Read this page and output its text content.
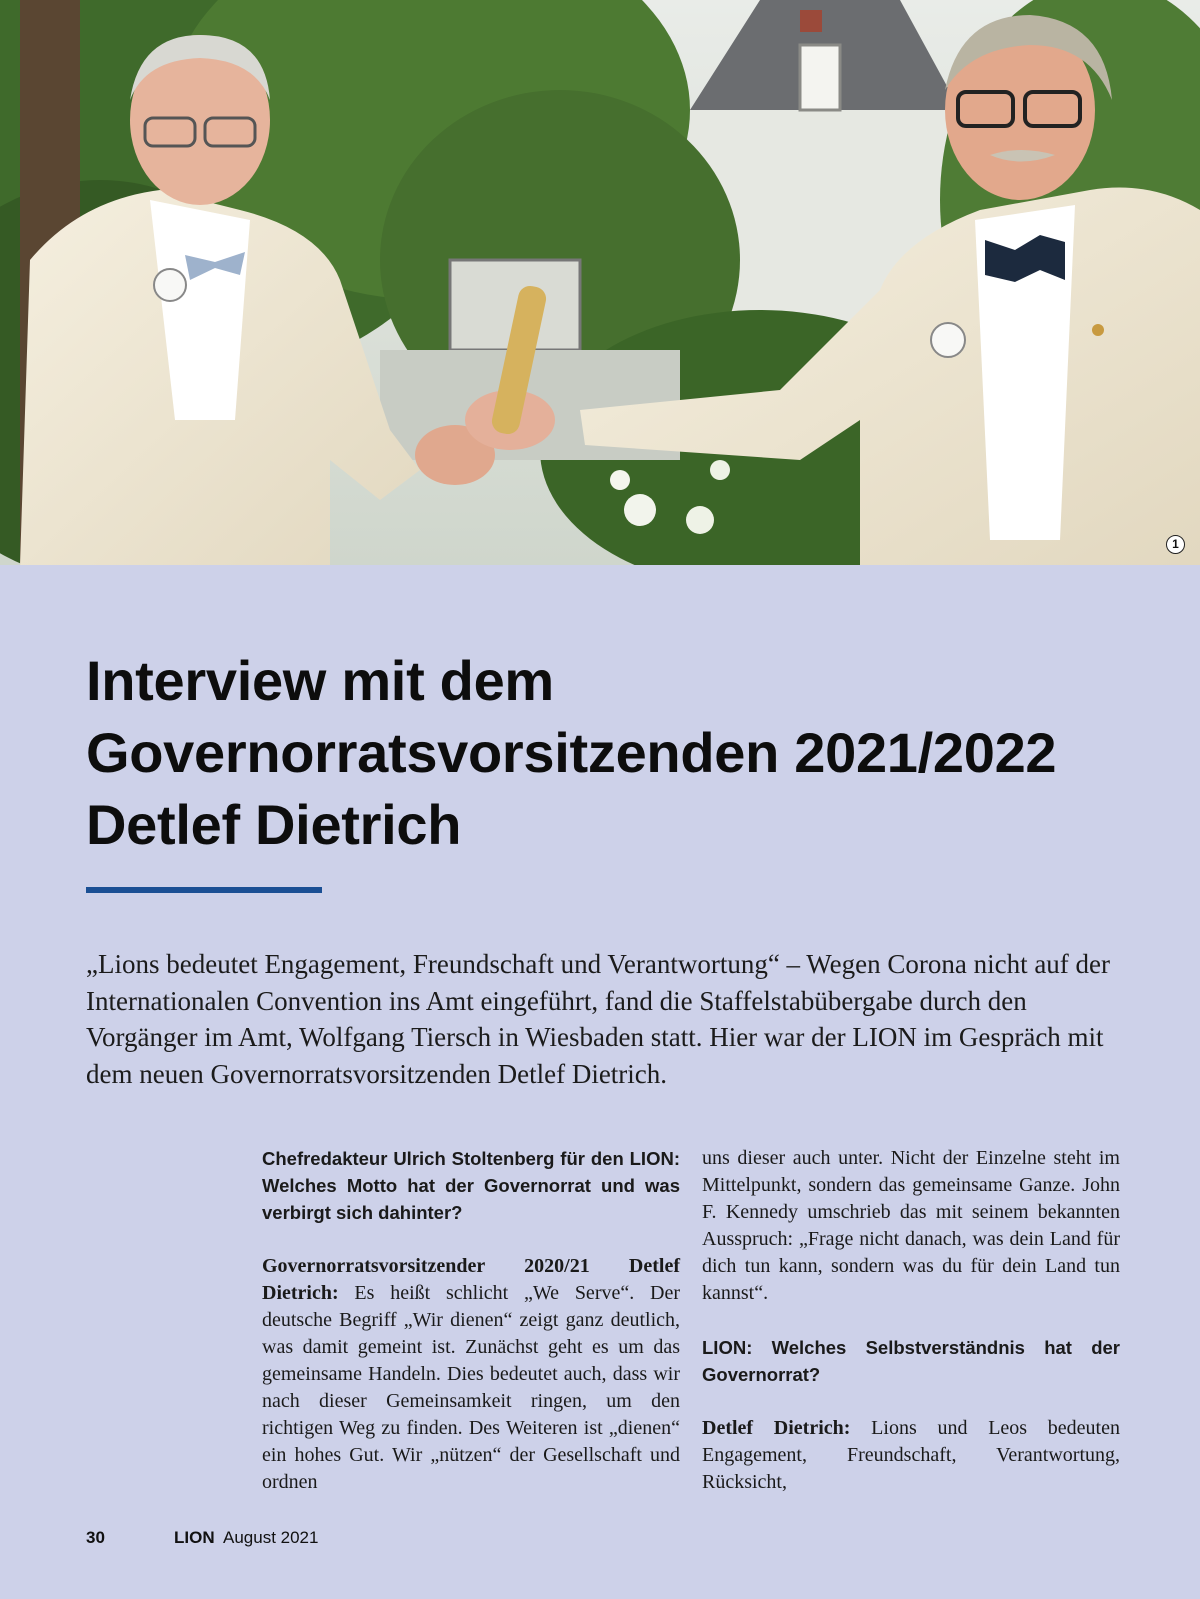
1
Interview mit dem
Governorratsvorsitzenden 2021/2022
Detlef Dietrich

„Lions bedeutet Engagement, Freundschaft und Verantwortung“ – Wegen Corona nicht auf der Internationalen Convention ins Amt eingeführt, fand die Staffelstabübergabe durch den Vorgänger im Amt, Wolfgang Tiersch in Wiesbaden statt. Hier war der LION im Gespräch mit dem neuen Governorratsvorsitzenden Detlef Dietrich.

Chefredakteur Ulrich Stoltenberg für den LION: Welches Motto hat der Governorrat und was verbirgt sich dahinter?

Governorratsvorsitzender 2020/21 Detlef Dietrich: Es heißt schlicht „We Serve“. Der deutsche Begriff „Wir dienen“ zeigt ganz deutlich, was damit gemeint ist. Zunächst geht es um das gemeinsame Handeln. Dies bedeutet auch, dass wir nach dieser Gemeinsamkeit ringen, um den richtigen Weg zu finden. Des Weiteren ist „dienen“ ein hohes Gut. Wir „nützen“ der Gesellschaft und ordnen

uns dieser auch unter. Nicht der Einzelne steht im Mittelpunkt, sondern das gemeinsame Ganze. John F. Kennedy umschrieb das mit seinem bekannten Ausspruch: „Frage nicht danach, was dein Land für dich tun kann, sondern was du für dein Land tun kannst“.

LION: Welches Selbstverständnis hat der Governorrat?

Detlef Dietrich: Lions und Leos bedeuten Engagement, Freundschaft, Verantwortung, Rücksicht,

30	LION August 2021
